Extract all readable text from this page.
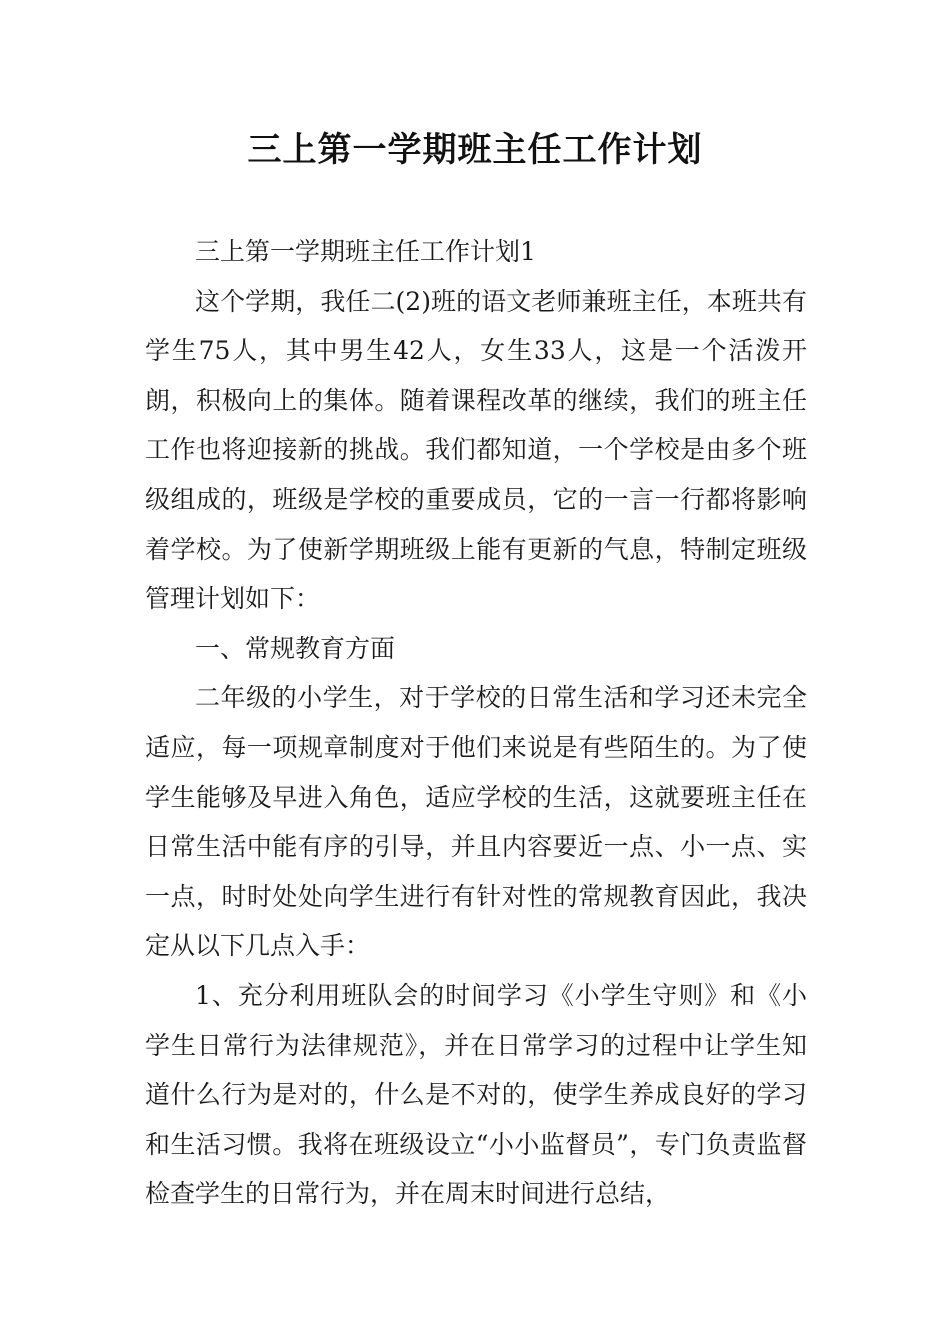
三上第一学期班主任工作计划

三上第一学期班主任工作计划1

这个学期，我任二(2)班的语文老师兼班主任，本班共有学生75人，其中男生42人，女生33人，这是一个活泼开朗，积极向上的集体。随着课程改革的继续，我们的班主任工作也将迎接新的挑战。我们都知道，一个学校是由多个班级组成的，班级是学校的重要成员，它的一言一行都将影响着学校。为了使新学期班级上能有更新的气息，特制定班级管理计划如下：

一、常规教育方面

二年级的小学生，对于学校的日常生活和学习还未完全适应，每一项规章制度对于他们来说是有些陌生的。为了使学生能够及早进入角色，适应学校的生活，这就要班主任在日常生活中能有序的引导，并且内容要近一点、小一点、实一点，时时处处向学生进行有针对性的常规教育因此，我决定从以下几点入手：

1、充分利用班队会的时间学习《小学生守则》和《小学生日常行为法律规范》，并在日常学习的过程中让学生知道什么行为是对的，什么是不对的，使学生养成良好的学习和生活习惯。我将在班级设立“小小监督员”，专门负责监督检查学生的日常行为，并在周末时间进行总结，
